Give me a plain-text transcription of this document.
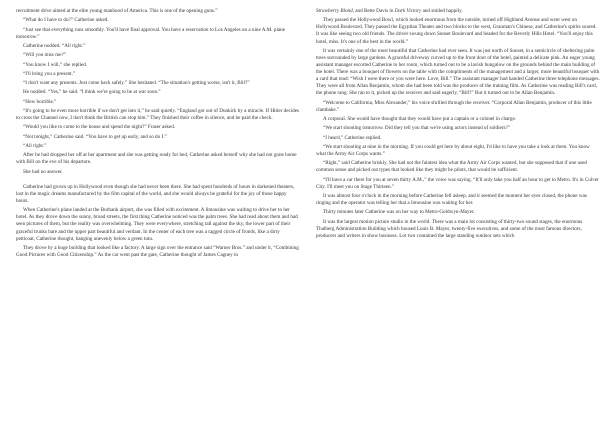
recruitment drive aimed at the elite young manhood of America. This is one of the opening guns.”

“What do I have to do?” Catherine asked.

“Just see that everything runs smoothly. You'll have final approval. You have a reservation to Los Angeles on a nine A.M. plane tomorrow.”

Catherine nodded. “All right.”

“Will you miss me?”

“You know I will,” she replied.

“I'll bring you a present.”

“I don't want any presents. Just come back safely.” She hesitated. “The situation's getting worse, isn't it, Bill?”

He nodded. “Yes,” he said. “I think we're going to be at war soon.”

“How horrible.”

“It's going to be even more horrible if we don't get into it,” he said quietly. “England got out of Dunkirk by a miracle. If Hitler decides to cross the Channel now, I don't think the British can stop him.” They finished their coffee in silence, and he paid the check.

“Would you like to come to the house and spend the night?” Fraser asked.

“Not tonight,” Catherine said. “You have to get up early, and so do I.”

“All right.”

After he had dropped her off at her apartment and she was getting ready for bed, Catherine asked herself why she had not gone home with Bill on the eve of his departure.

She had no answer.

Catherine had grown up in Hollywood even though she had never been there. She had spent hundreds of hours in darkened theaters, lost in the magic dreams manufactured by the film capital of the world, and she would always be grateful for the joy of those happy hours.

When Catherine's plane landed at the Burbank airport, she was filled with excitement. A limousine was waiting to drive her to her hotel. As they drove down the sunny, broad streets, the first thing Catherine noticed was the palm trees. She had read about them and had seen pictures of them, but the reality was overwhelming. They were everywhere, stretching tall against the sky, the lower part of their graceful trunks bare and the upper part beautiful and verdant. In the center of each tree was a ragged circle of fronds, like a dirty petticoat, Catherine thought, hanging unevenly below a green tutu.

They drove by a huge building that looked like a factory. A large sign over the entrance said “Warner Bros.” and under it, “Combining Good Pictures with Good Citizenship.” As the car went past the gate, Catherine thought of James Cagney in

Strawberry Blond, and Bette Davis in Dark Victory and smiled happily.

They passed the Hollywood Bowl, which looked enormous from the outside, turned off Highland Avenue and went west on Hollywood Boulevard. They passed the Egyptian Theater and two blocks to the west, Grauman's Chinese, and Catherine's spirits soared. It was like seeing two old friends. The driver swung down Sunset Boulevard and headed for the Beverly Hills Hotel. “You'll enjoy this hotel, miss. It's one of the best in the world.”

It was certainly one of the most beautiful that Catherine had ever seen. It was just north of Sunset, in a semicircle of sheltering palm trees surrounded by large gardens. A graceful driveway curved up to the front door of the hotel, painted a delicate pink. An eager young assistant manager escorted Catherine to her room, which turned out to be a lavish bungalow on the grounds behind the main building of the hotel. There was a bouquet of flowers on the table with the compliments of the management and a larger, more beautiful bouquet with a card that read: “Wish I were there or you were here. Love, Bill.” The assistant manager had handed Catherine three telephone messages. They were all from Allan Benjamin, whom she had been told was the producer of the training film. As Catherine was reading Bill's card, the phone rang. She ran to it, picked up the receiver and said eagerly, “Bill?” But it turned out to be Allan Benjamin.

“Welcome to California, Miss Alexander,” his voice shrilled through the receiver. “Corporal Allan Benjamin, producer of this little clambake.”

A corporal. She would have thought that they would have put a captain or a colonel in charge.

“We start shooting tomorrow. Did they tell you that we're using actors instead of soldiers?”

“I heard,” Catherine replied.

“We start shooting at nine in the morning. If you could get here by about eight, I'd like to have you take a look at them. You know what the Army Air Corps wants.”

“Right,” said Catherine briskly. She had not the faintest idea what the Army Air Corps wanted, but she supposed that if one used common sense and picked out types that looked like they might be pilots, that would be sufficient.

“I'll have a car there for you at seven thirty A.M.,” the voice was saying. “It'll only take you half an hour to get to Metro. It's in Culver City. I'll meet you on Stage Thirteen.”

It was almost four o'clock in the morning before Catherine fell asleep, and it seemed the moment her eyes closed, the phone was ringing and the operator was telling her that a limousine was waiting for her.

Thirty minutes later Catherine was on her way to Metro-Goldwyn-Mayer.

It was the largest motion picture studio in the world. There was a main lot consisting of thirty-two sound stages, the enormous Thalberg Administration Building which housed Louis B. Mayer, twenty-five executives, and some of the most famous directors, producers and writers in show business. Lot two contained the large standing outdoor sets which
